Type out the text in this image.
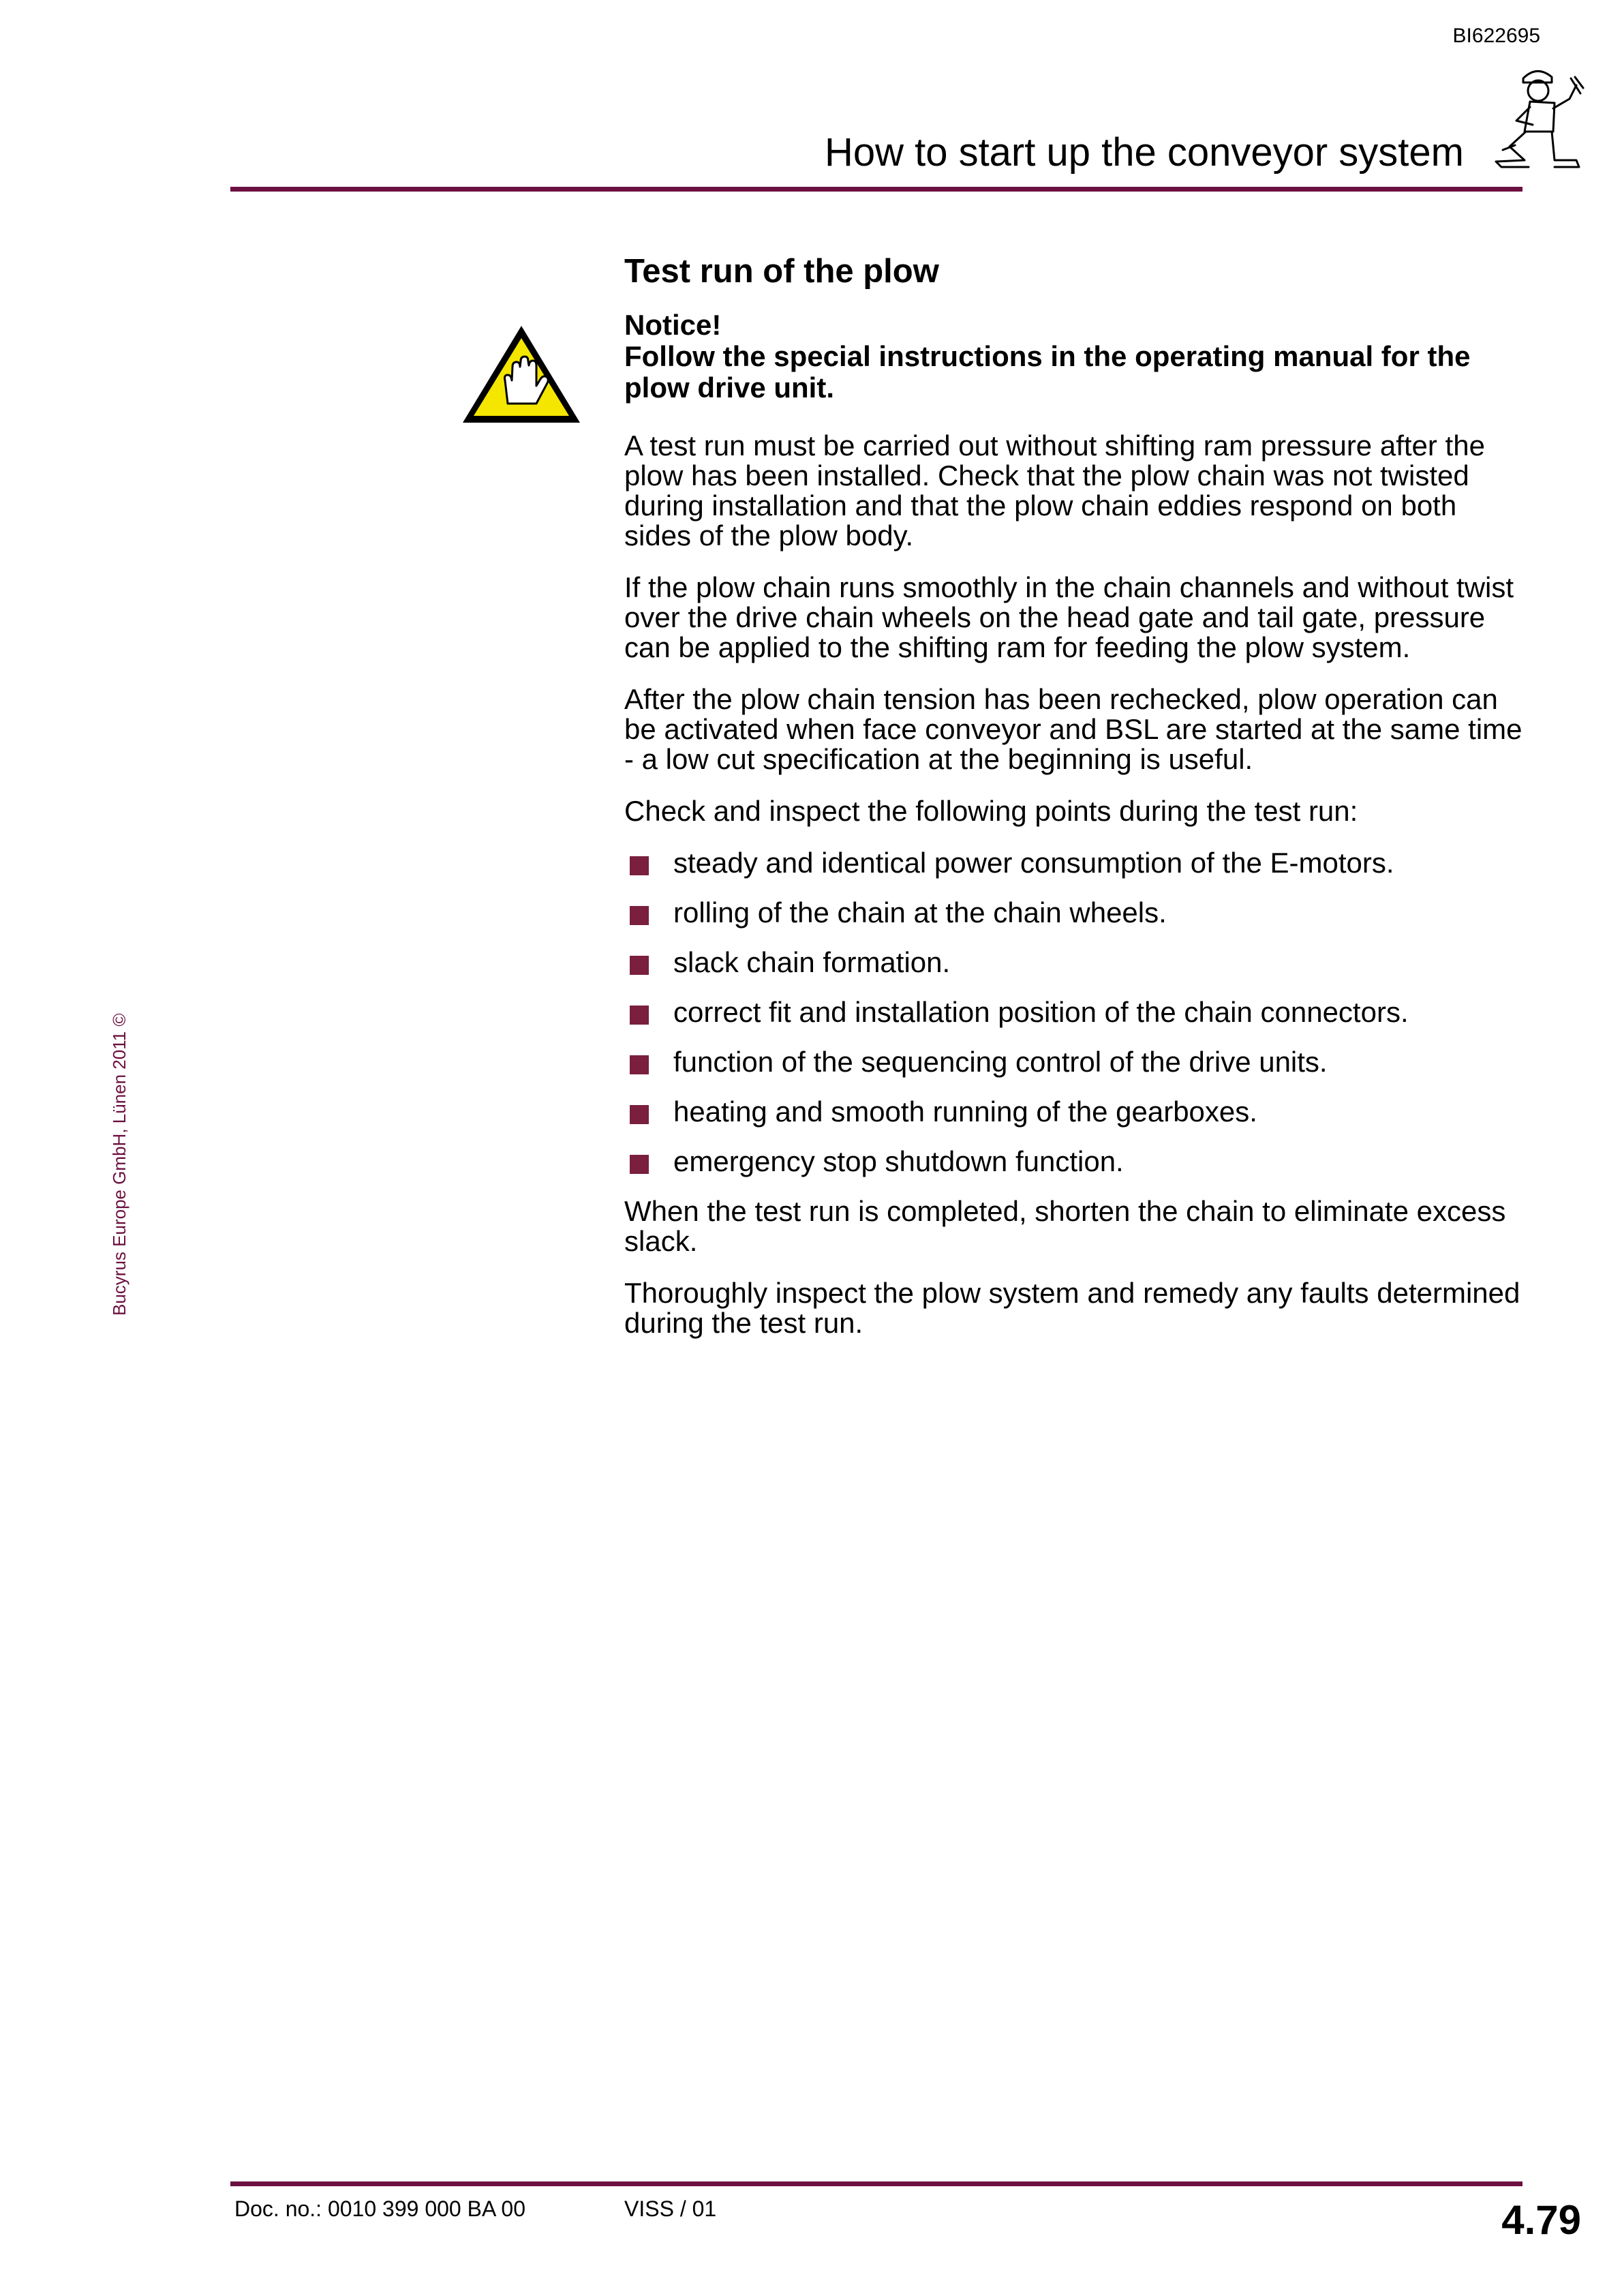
BI622695
How to start up the conveyor system
Bucyrus Europe GmbH, Lünen 2011 ©
Test run of the plow
Notice!
Follow the special instructions in the operating manual for the plow drive unit.

A test run must be carried out without shifting ram pressure after the plow has been installed. Check that the plow chain was not twisted during installation and that the plow chain eddies respond on both sides of the plow body.

If the plow chain runs smoothly in the chain channels and without twist over the drive chain wheels on the head gate and tail gate, pressure can be applied to the shifting ram for feeding the plow system.

After the plow chain tension has been rechecked, plow operation can be activated when face conveyor and BSL are started at the same time - a low cut specification at the beginning is useful.

Check and inspect the following points during the test run:

steady and identical power consumption of the E-motors.
rolling of the chain at the chain wheels.
slack chain formation.
correct fit and installation position of the chain connectors.
function of the sequencing control of the drive units.
heating and smooth running of the gearboxes.
emergency stop shutdown function.

When the test run is completed, shorten the chain to eliminate excess slack.

Thoroughly inspect the plow system and remedy any faults determined during the test run.

Doc. no.: 0010 399 000 BA 00	VISS / 01	4.79
